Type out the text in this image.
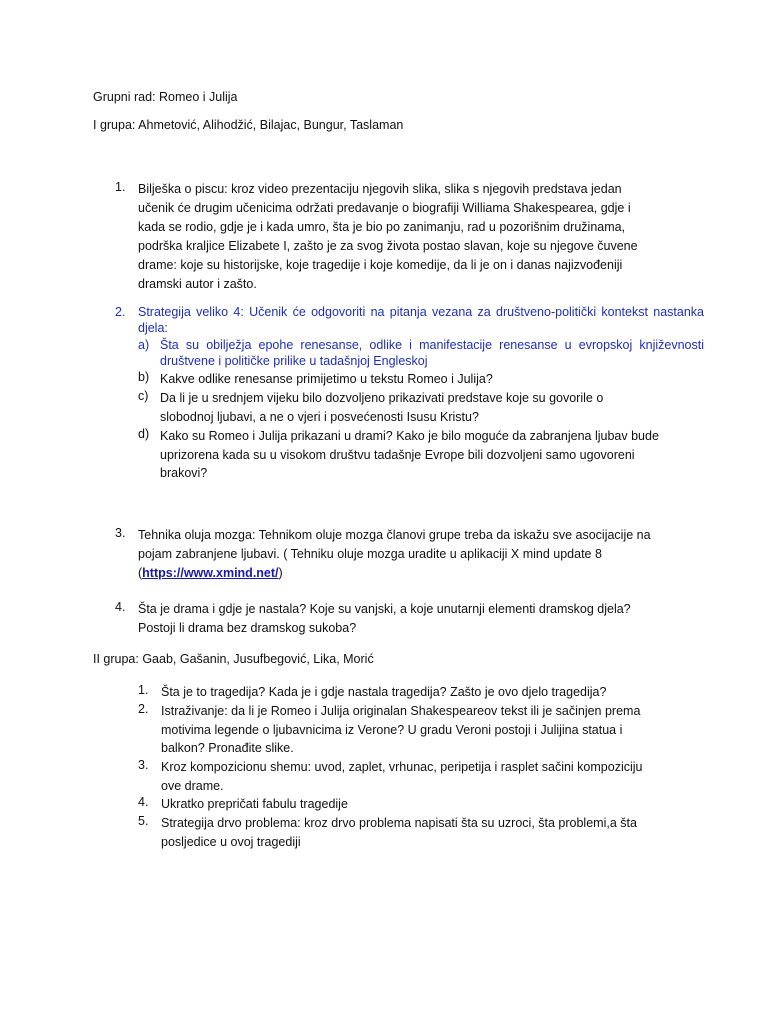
Grupni rad: Romeo i Julija
I grupa: Ahmetović, Alihodžić, Bilajac, Bungur, Taslaman
1. Bilješka o piscu: kroz video prezentaciju njegovih slika, slika s njegovih predstava jedan
učenik će drugim učenicima održati predavanje o biografiji Williama Shakespearea, gdje i
kada se rodio, gdje je i kada umro, šta je bio po zanimanju, rad u pozorišnim družinama,
podrška kraljice Elizabete I, zašto je za svog života postao slavan, koje su njegove čuvene
drame: koje su historijske, koje tragedije i koje komedije, da li je on i danas najizvođeniji
dramski autor i zašto.
2. Strategija veliko 4: Učenik će odgovoriti na pitanja vezana za društveno-politički kontekst nastanka djela:
a) Šta su obilježja epohe renesanse, odlike i manifestacije renesanse u evropskoj književnosti društvene i političke prilike u tadašnjoj Engleskoj
b) Kakve odlike renesanse primijetimo u tekstu Romeo i Julija?
c) Da li je u srednjem vijeku bilo dozvoljeno prikazivati predstave koje su govorile o
slobodnoj ljubavi, a ne o vjeri i posvećenosti Isusu Kristu?
d) Kako su Romeo i Julija prikazani u drami? Kako je bilo moguće da zabranjena ljubav bude
uprizorena kada su u visokom društvu tadašnje Evrope bili dozvoljeni samo ugovoreni
brakovi?
3. Tehnika oluja mozga: Tehnikom oluje mozga članovi grupe treba da iskažu sve asocijacije na
pojam zabranjene ljubavi. ( Tehniku oluje mozga uradite u aplikaciji X mind update 8
(https://www.xmind.net/)
4. Šta je drama i gdje je nastala? Koje su vanjski, a koje unutarnji elementi dramskog djela?
Postoji li drama bez dramskog sukoba?
II grupa: Gaab, Gašanin, Jusufbegović, Lika, Morić
1. Šta je to tragedija? Kada je i gdje nastala tragedija? Zašto je ovo djelo tragedija?
2. Istraživanje: da li je Romeo i Julija originalan Shakespeareov tekst ili je sačinjen prema
motivima legende o ljubavnicima iz Verone? U gradu Veroni postoji i Julijina statua i
balkon? Pronađite slike.
3. Kroz kompozicionu shemu: uvod, zaplet, vrhunac, peripetija i rasplet sačini kompoziciju
ove drame.
4. Ukratko prepričati fabulu tragedije
5. Strategija drvo problema: kroz drvo problema napisati šta su uzroci, šta problemi,a šta
posljedice u ovoj tragediji
